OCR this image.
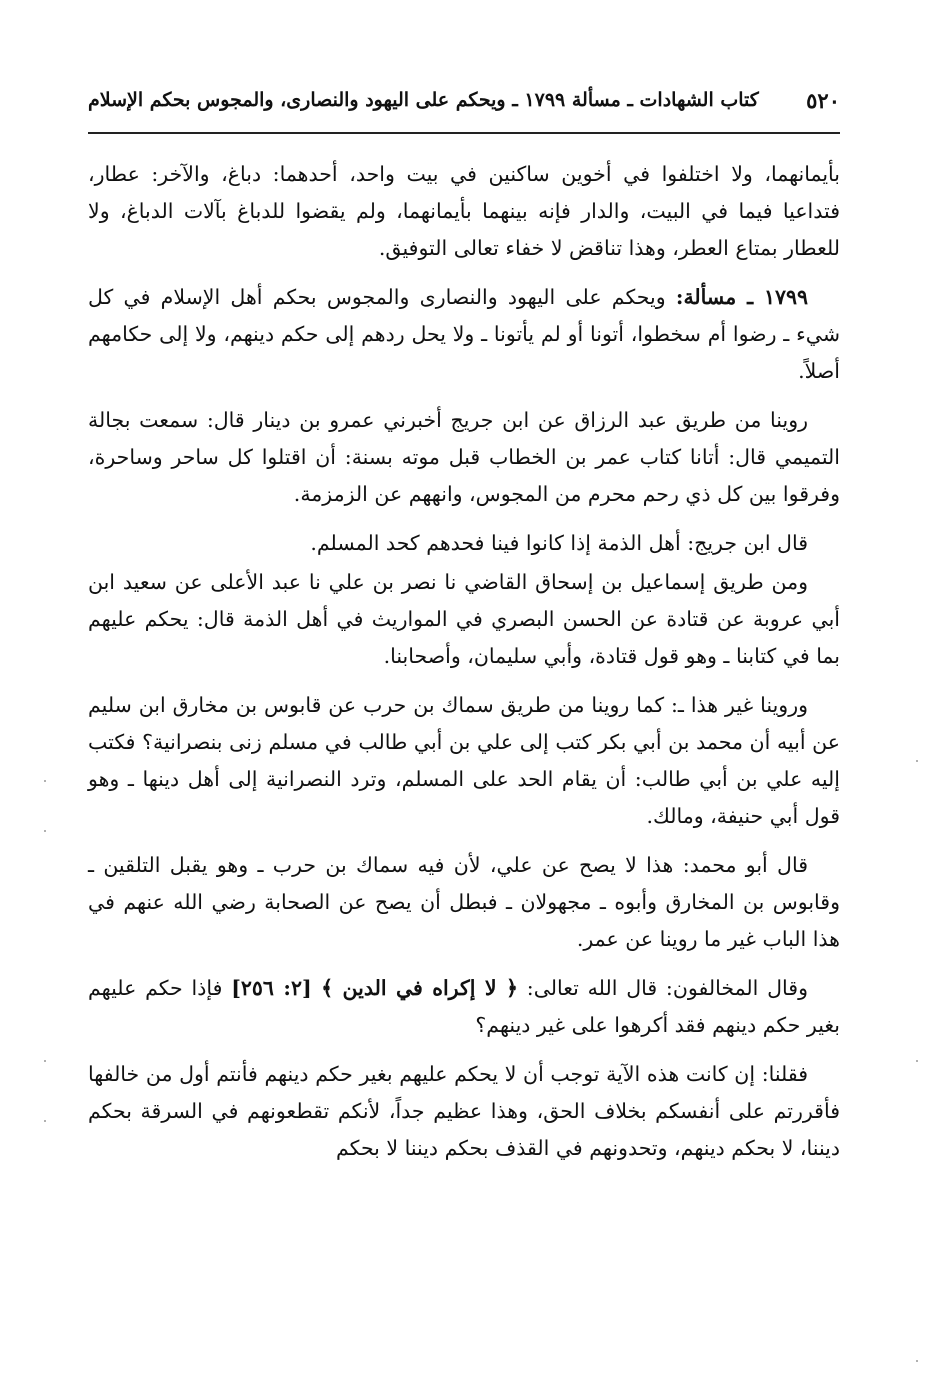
٥٢٠
كتاب الشهادات ـ مسألة ١٧٩٩ ـ ويحكم على اليهود والنصارى، والمجوس بحكم الإسلام

بأيمانهما، ولا اختلفوا في أخوين ساكنين في بيت واحد، أحدهما: دباغ، والآخر: عطار، فتداعيا فيما في البيت، والدار فإنه بينهما بأيمانهما، ولم يقضوا للدباغ بآلات الدباغ، ولا للعطار بمتاع العطر، وهذا تناقض لا خفاء تعالى التوفيق.

١٧٩٩ ـ مسألة: ويحكم على اليهود والنصارى والمجوس بحكم أهل الإسلام في كل شيء ـ رضوا أم سخطوا، أتونا أو لم يأتونا ـ ولا يحل ردهم إلى حكم دينهم، ولا إلى حكامهم أصلاً.

روينا من طريق عبد الرزاق عن ابن جريج أخبرني عمرو بن دينار قال: سمعت بجالة التميمي قال: أتانا كتاب عمر بن الخطاب قبل موته بسنة: أن اقتلوا كل ساحر وساحرة، وفرقوا بين كل ذي رحم محرم من المجوس، وانههم عن الزمزمة.

قال ابن جريج: أهل الذمة إذا كانوا فينا فحدهم كحد المسلم.

ومن طريق إسماعيل بن إسحاق القاضي نا نصر بن علي نا عبد الأعلى عن سعيد ابن أبي عروبة عن قتادة عن الحسن البصري في المواريث في أهل الذمة قال: يحكم عليهم بما في كتابنا ـ وهو قول قتادة، وأبي سليمان، وأصحابنا.

وروينا غير هذا ـ: كما روينا من طريق سماك بن حرب عن قابوس بن مخارق ابن سليم عن أبيه أن محمد بن أبي بكر كتب إلى علي بن أبي طالب في مسلم زنى بنصرانية؟ فكتب إليه علي بن أبي طالب: أن يقام الحد على المسلم، وترد النصرانية إلى أهل دينها ـ وهو قول أبي حنيفة، ومالك.

قال أبو محمد: هذا لا يصح عن علي، لأن فيه سماك بن حرب ـ وهو يقبل التلقين ـ وقابوس بن المخارق وأبوه ـ مجهولان ـ فبطل أن يصح عن الصحابة رضي الله عنهم في هذا الباب غير ما روينا عن عمر.

وقال المخالفون: قال الله تعالى: ﴿ لا إكراه في الدين ﴾ [٢: ٢٥٦] فإذا حكم عليهم بغير حكم دينهم فقد أكرهوا على غير دينهم؟

فقلنا: إن كانت هذه الآية توجب أن لا يحكم عليهم بغير حكم دينهم فأنتم أول من خالفها فأقررتم على أنفسكم بخلاف الحق، وهذا عظيم جداً، لأنكم تقطعونهم في السرقة بحكم ديننا، لا بحكم دينهم، وتحدونهم في القذف بحكم ديننا لا بحكم
